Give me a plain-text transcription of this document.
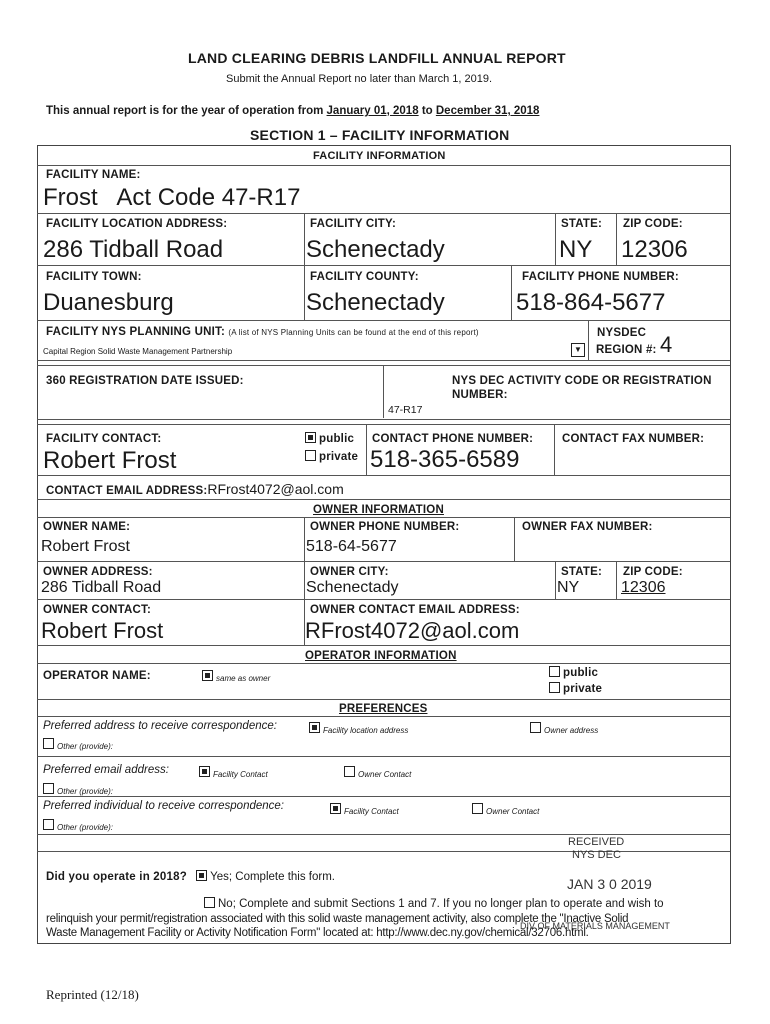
LAND CLEARING DEBRIS LANDFILL ANNUAL REPORT
Submit the Annual Report no later than March 1, 2019.
This annual report is for the year of operation from January 01, 2018 to December 31, 2018
SECTION 1 – FACILITY INFORMATION
FACILITY INFORMATION
FACILITY NAME:
Frost   Act Code 47-R17
FACILITY LOCATION ADDRESS:	FACILITY CITY:	STATE: ZIP CODE:
286 Tidball Road	Schenectady	NY 12306
FACILITY TOWN:	FACILITY COUNTY:	FACILITY PHONE NUMBER:
Duanesburg	Schenectady	518-864-5677
FACILITY NYS PLANNING UNIT: (A list of NYS Planning Units can be found at the end of this report)
Capital Region Solid Waste Management Partnership	▼
NYSDEC
REGION #: 4
360 REGISTRATION DATE ISSUED:	NYS DEC ACTIVITY CODE OR REGISTRATION
NUMBER:
47-R17
FACILITY CONTACT:
Robert Frost
public
private
CONTACT PHONE NUMBER:
518-365-6589
CONTACT FAX NUMBER:
CONTACT EMAIL ADDRESS:RFrost4072@aol.com
OWNER INFORMATION
OWNER NAME:	OWNER PHONE NUMBER:	OWNER FAX NUMBER:
Robert Frost	518-64-5677
OWNER ADDRESS:	OWNER CITY:	STATE: ZIP CODE:
286 Tidball Road	Schenectady	NY	12306
OWNER CONTACT:	OWNER CONTACT EMAIL ADDRESS:
Robert Frost	RFrost4072@aol.com
OPERATOR INFORMATION
OPERATOR NAME:	same as owner	public
private
PREFERENCES
Preferred address to receive correspondence:	Facility location address	Owner address
Other (provide):
Preferred email address:	Facility Contact	Owner Contact
Other (provide):
Preferred individual to receive correspondence:	Facility Contact	Owner Contact
Other (provide):
RECEIVED
NYS DEC
JAN 3 0 2019
Did you operate in 2018? Yes; Complete this form.
No; Complete and submit Sections 1 and 7. If you no longer plan to operate and wish to
relinquish your permit/registration associated with this solid waste management activity, also complete the "Inactive Solid
Waste Management Facility or Activity Notification Form" located at: http://www.dec.ny.gov/chemical/32706.html.
DIV OF MATERIALS MANAGEMENT
Reprinted (12/18)
